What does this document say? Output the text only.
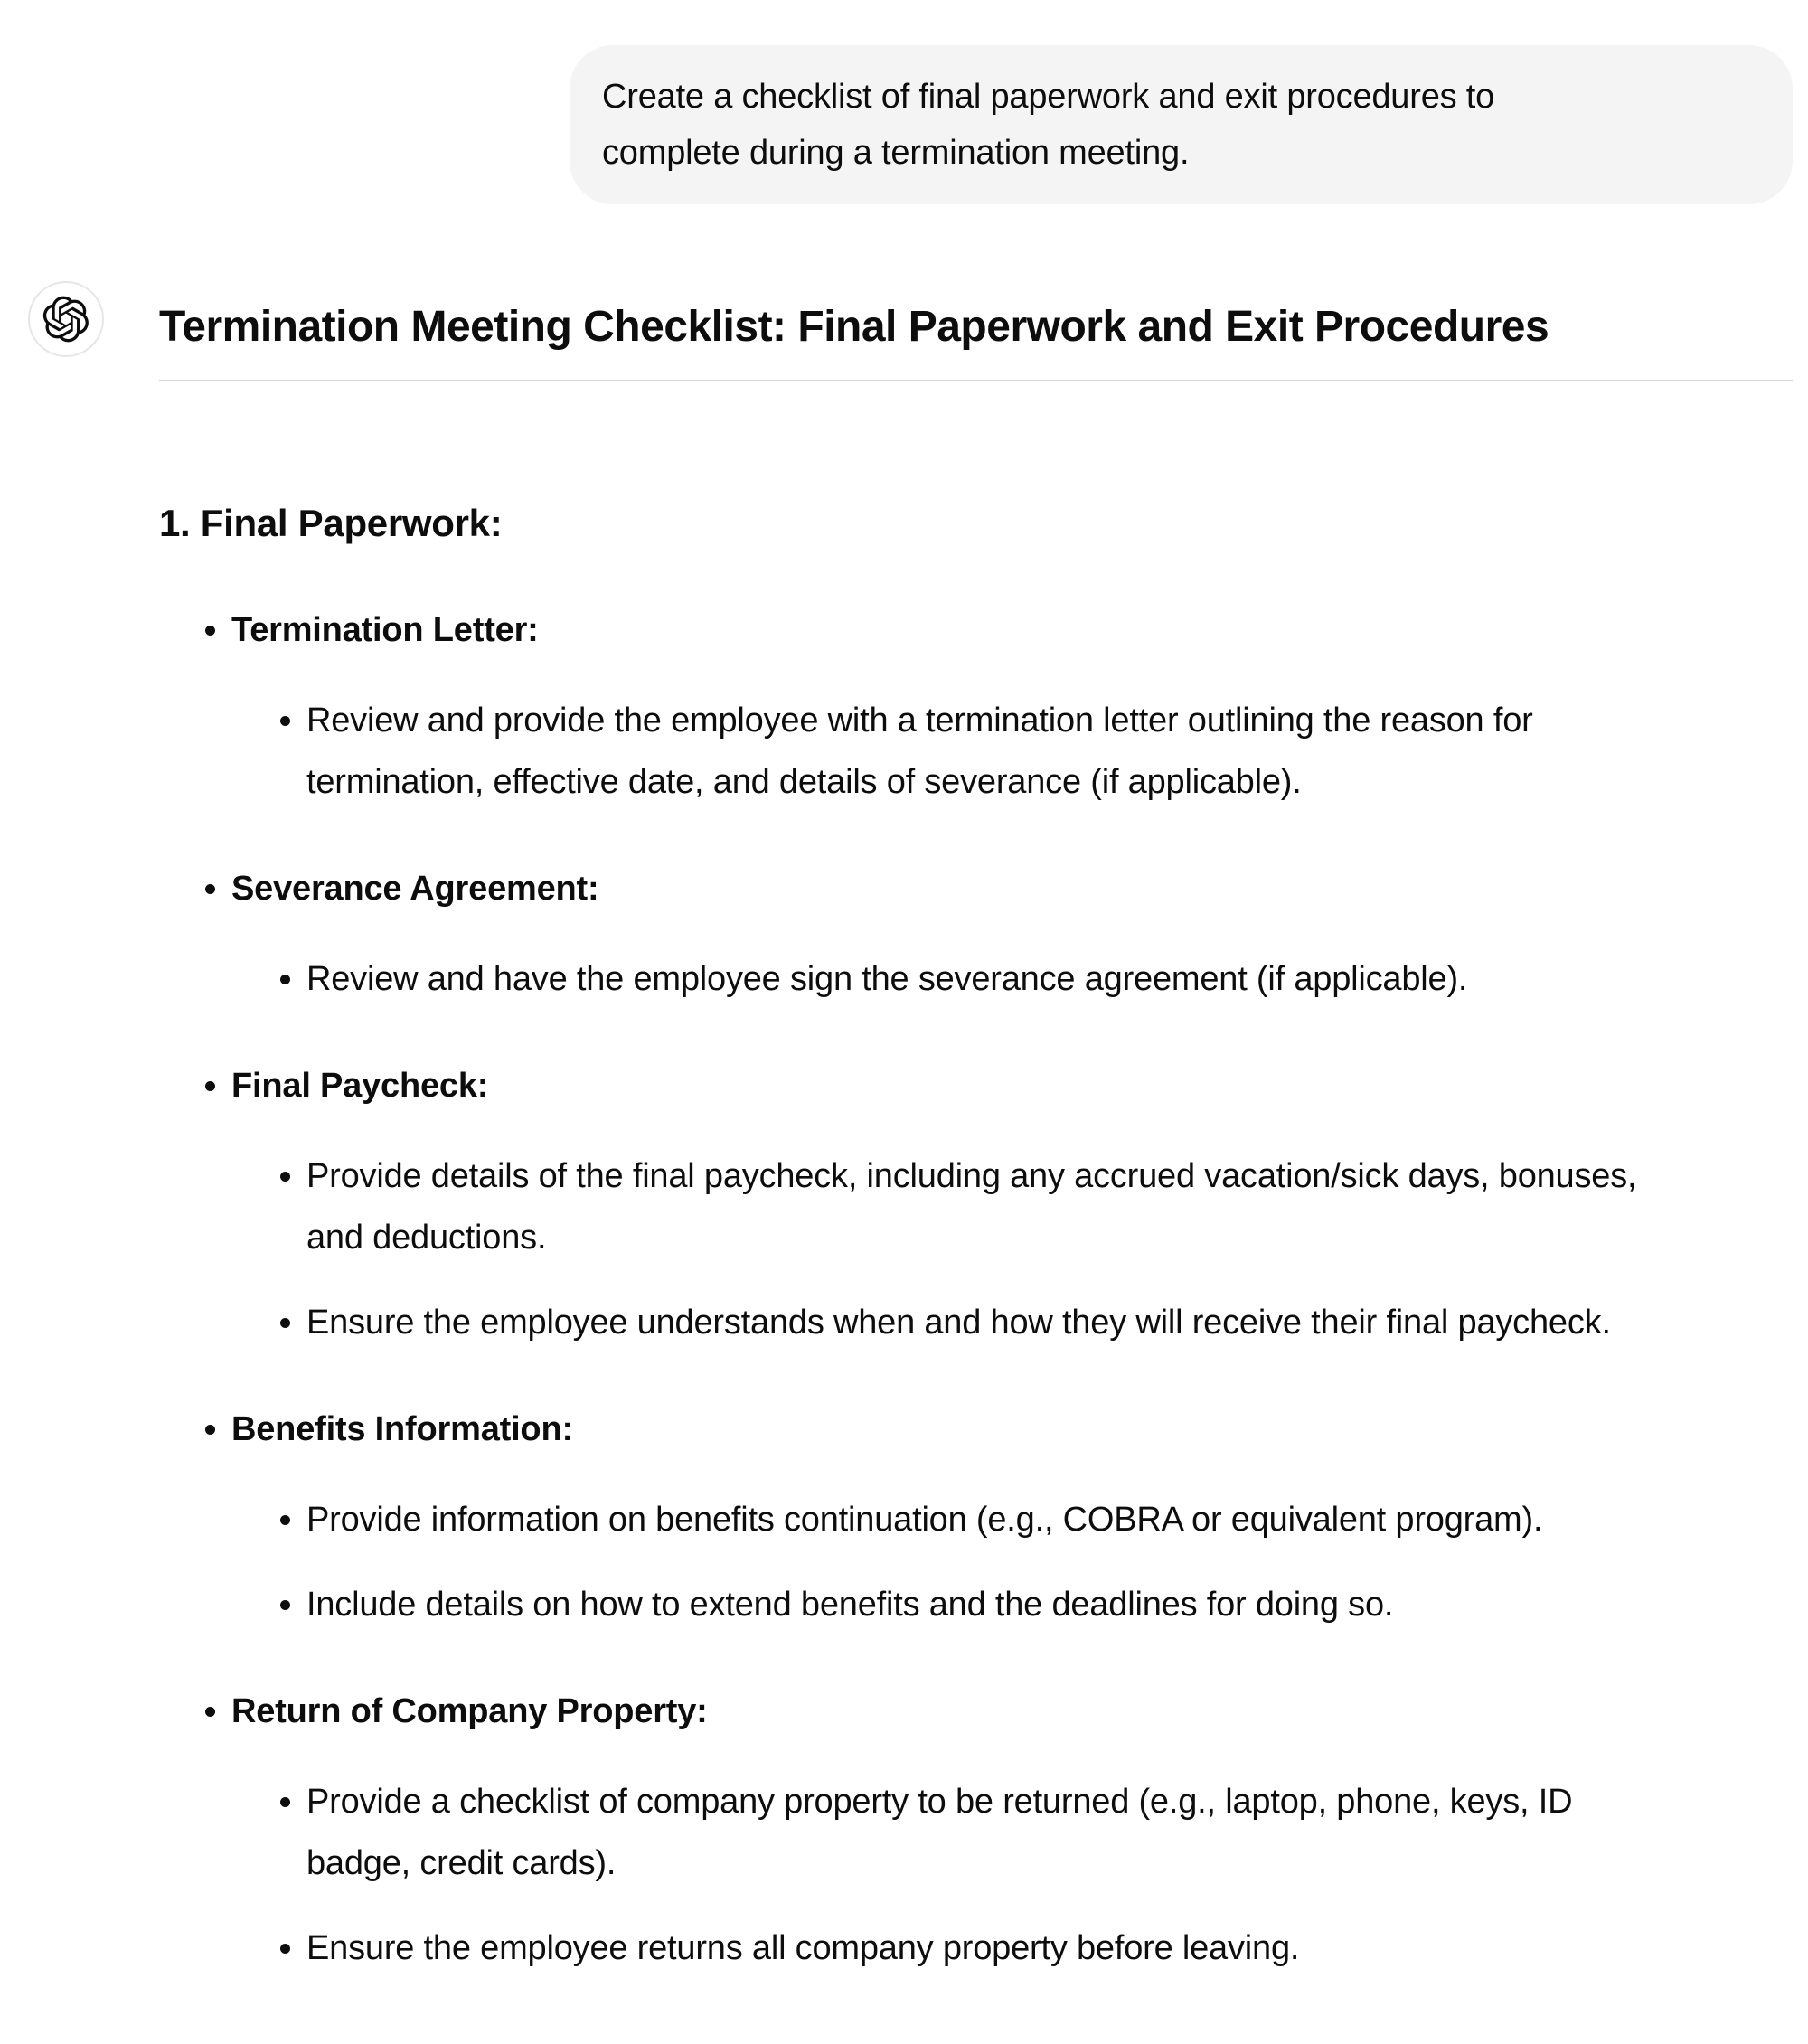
Create a checklist of final paperwork and exit procedures to
complete during a termination meeting.
Termination Meeting Checklist: Final Paperwork and Exit Procedures

1. Final Paperwork:

• Termination Letter:
• Review and provide the employee with a termination letter outlining the reason for
termination, effective date, and details of severance (if applicable).
• Severance Agreement:
• Review and have the employee sign the severance agreement (if applicable).
• Final Paycheck:
• Provide details of the final paycheck, including any accrued vacation/sick days, bonuses,
and deductions.
• Ensure the employee understands when and how they will receive their final paycheck.
• Benefits Information:
• Provide information on benefits continuation (e.g., COBRA or equivalent program).
• Include details on how to extend benefits and the deadlines for doing so.
• Return of Company Property:
• Provide a checklist of company property to be returned (e.g., laptop, phone, keys, ID
badge, credit cards).
• Ensure the employee returns all company property before leaving.
